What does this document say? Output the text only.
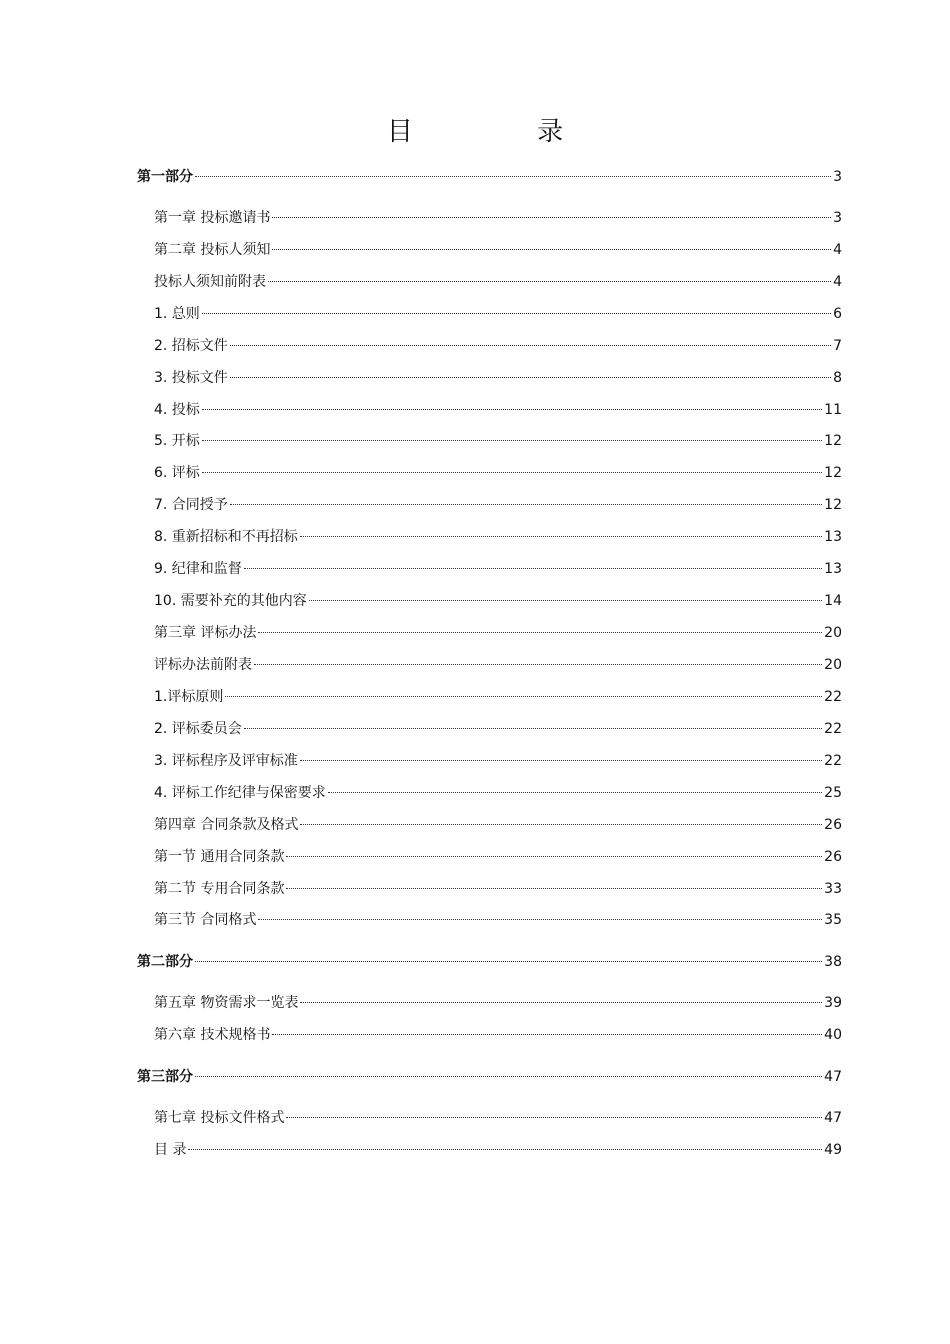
目 录
第一部分	3
第一章 投标邀请书	3
第二章 投标人须知	4
投标人须知前附表	4
1. 总则	6
2. 招标文件	7
3. 投标文件	8
4. 投标	11
5. 开标	12
6. 评标	12
7. 合同授予	12
8. 重新招标和不再招标	13
9. 纪律和监督	13
10. 需要补充的其他内容	14
第三章 评标办法	20
评标办法前附表	20
1.评标原则	22
2. 评标委员会	22
3. 评标程序及评审标准	22
4. 评标工作纪律与保密要求	25
第四章 合同条款及格式	26
第一节 通用合同条款	26
第二节 专用合同条款	33
第三节 合同格式	35
第二部分	38
第五章 物资需求一览表	39
第六章 技术规格书	40
第三部分	47
第七章 投标文件格式	47
目 录	49
